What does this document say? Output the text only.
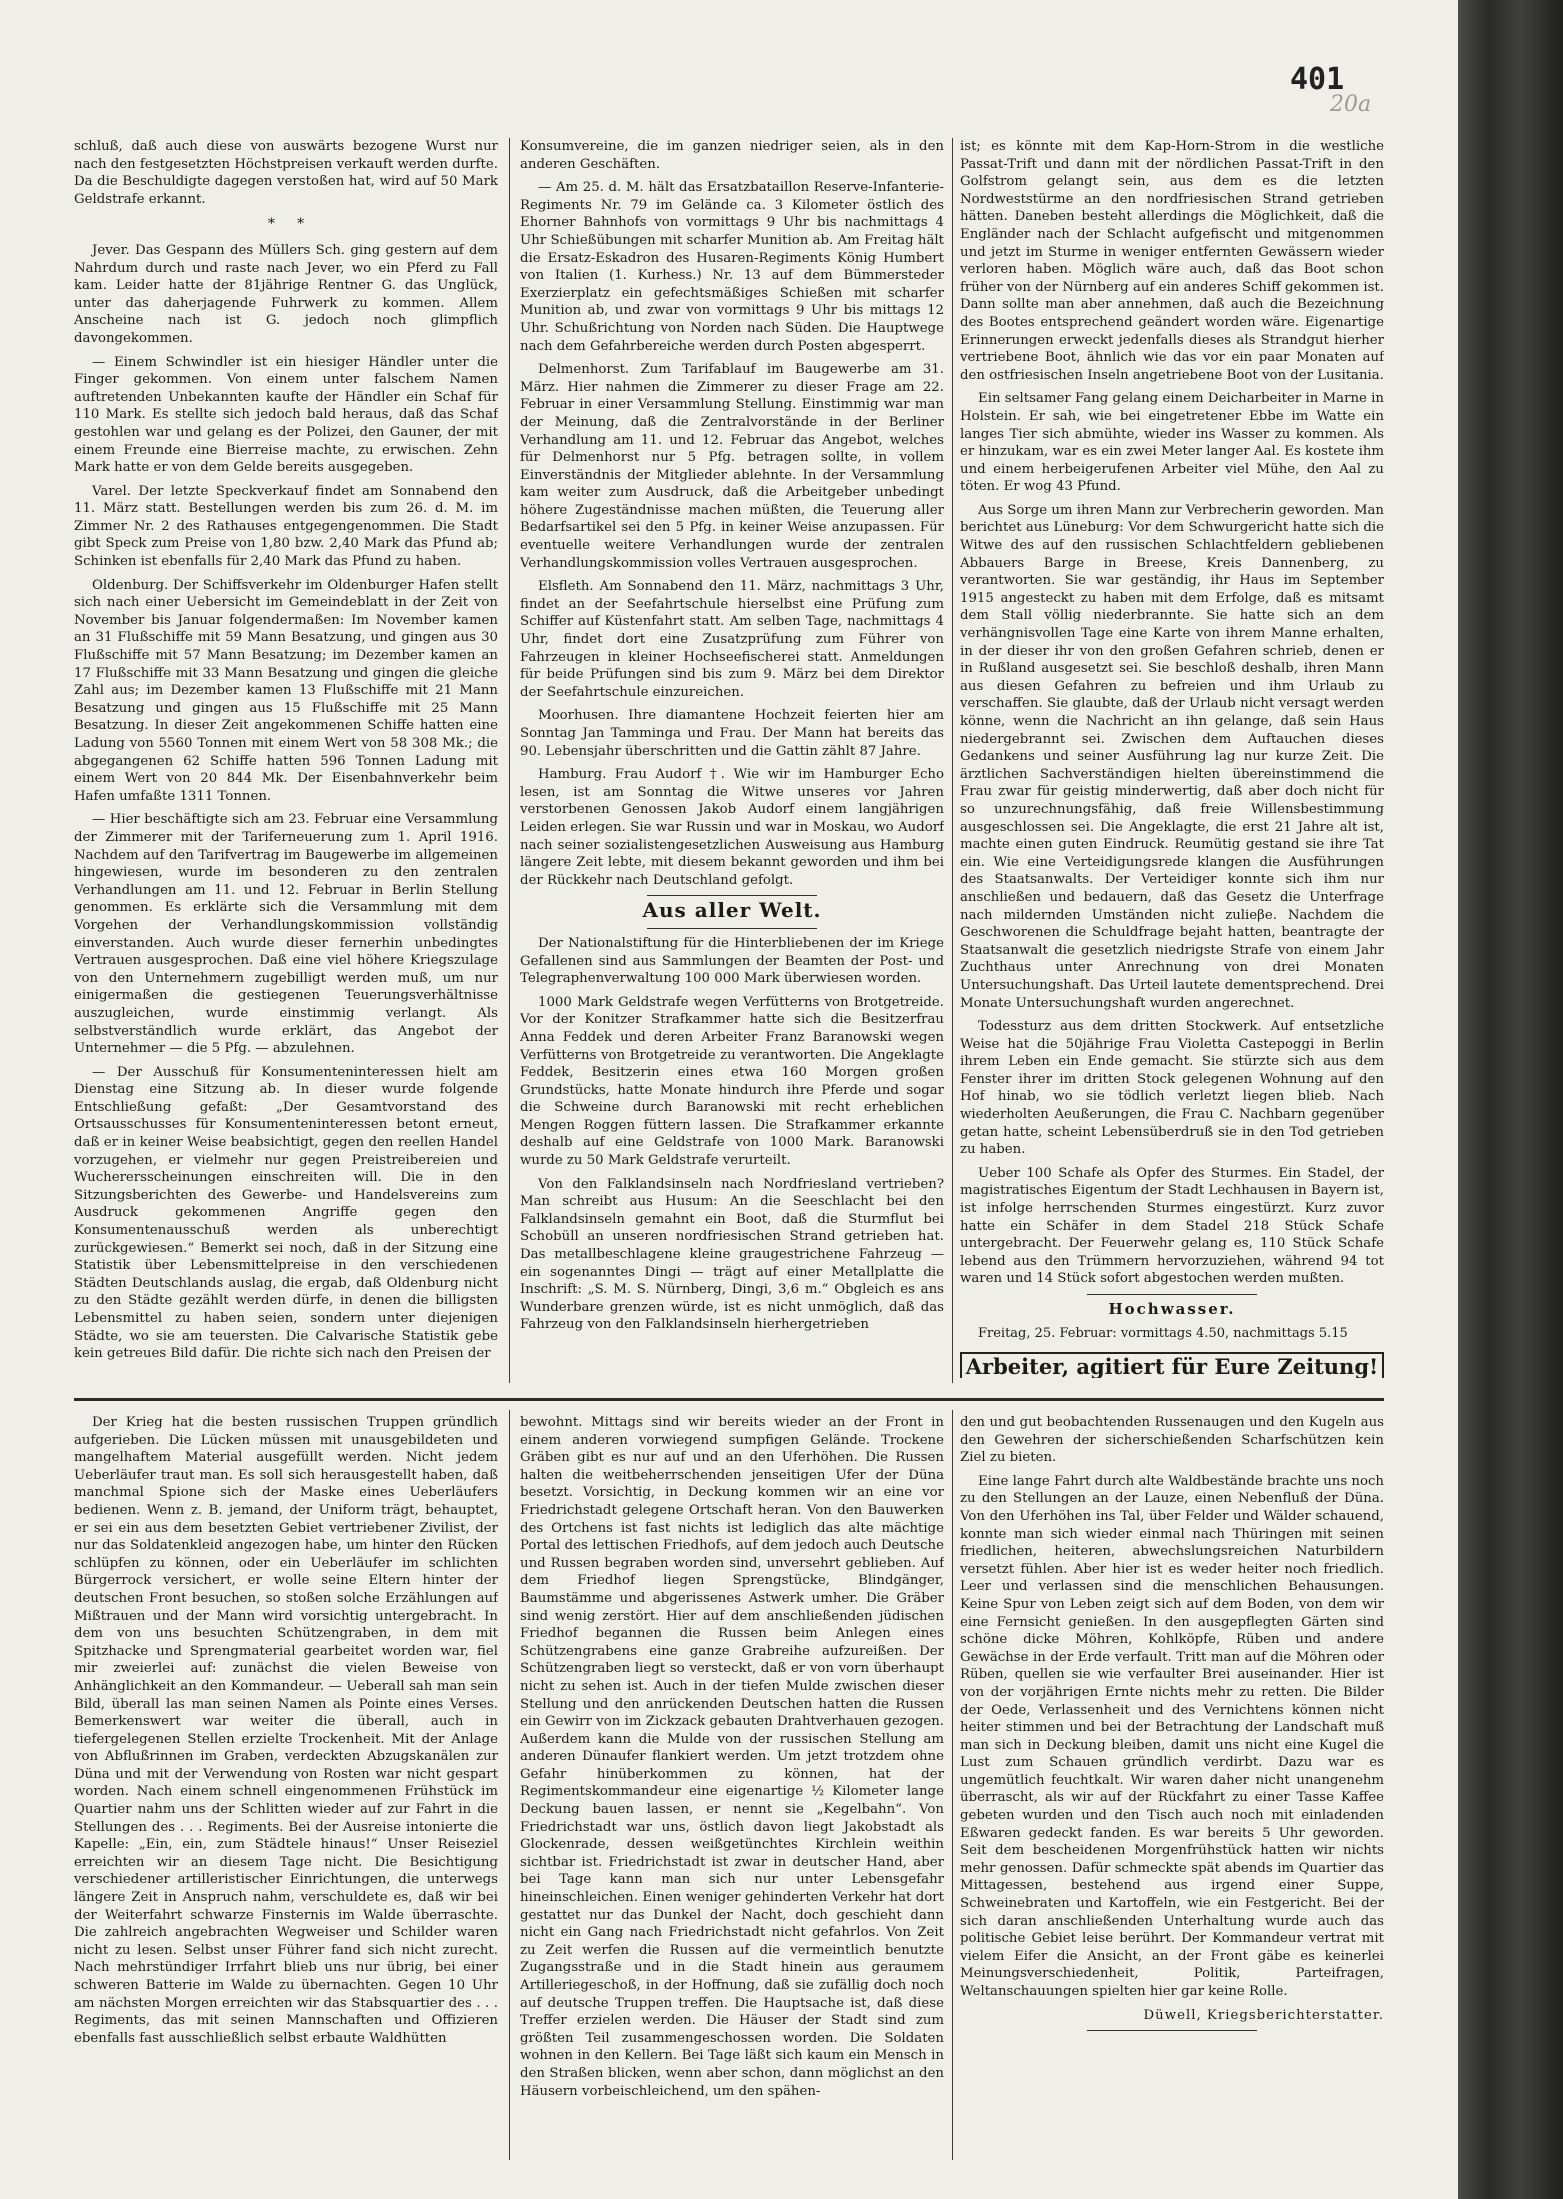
401
20a

schluß, daß auch diese von auswärts bezogene Wurst nur nach den festgesetzten Höchstpreisen verkauft werden durfte. Da die Beschuldigte dagegen verstoßen hat, wird auf 50 Mark Geldstrafe erkannt.

*     *

Jever. Das Gespann des Müllers Sch. ging gestern auf dem Nahrdum durch und raste nach Jever, wo ein Pferd zu Fall kam. Leider hatte der 81jährige Rentner G. das Unglück, unter das daherjagende Fuhrwerk zu kommen. Allem Anscheine nach ist G. jedoch noch glimpflich davongekommen.

— Einem Schwindler ist ein hiesiger Händler unter die Finger gekommen. Von einem unter falschem Namen auftretenden Unbekannten kaufte der Händler ein Schaf für 110 Mark. Es stellte sich jedoch bald heraus, daß das Schaf gestohlen war und gelang es der Polizei, den Gauner, der mit einem Freunde eine Bierreise machte, zu erwischen. Zehn Mark hatte er von dem Gelde bereits ausgegeben.

Varel. Der letzte Speckverkauf findet am Sonnabend den 11. März statt. Bestellungen werden bis zum 26. d. M. im Zimmer Nr. 2 des Rathauses entgegengenommen. Die Stadt gibt Speck zum Preise von 1,80 bzw. 2,40 Mark das Pfund ab; Schinken ist ebenfalls für 2,40 Mark das Pfund zu haben.

Oldenburg. Der Schiffsverkehr im Oldenburger Hafen stellt sich nach einer Uebersicht im Gemeindeblatt in der Zeit von November bis Januar folgendermaßen: Im November kamen an 31 Flußschiffe mit 59 Mann Besatzung, und gingen aus 30 Flußschiffe mit 57 Mann Besatzung; im Dezember kamen an 17 Flußschiffe mit 33 Mann Besatzung und gingen die gleiche Zahl aus; im Dezember kamen 13 Flußschiffe mit 21 Mann Besatzung und gingen aus 15 Flußschiffe mit 25 Mann Besatzung. In dieser Zeit angekommenen Schiffe hatten eine Ladung von 5560 Tonnen mit einem Wert von 58 308 Mk.; die abgegangenen 62 Schiffe hatten 596 Tonnen Ladung mit einem Wert von 20 844 Mk. Der Eisenbahnverkehr beim Hafen umfaßte 1311 Tonnen.

— Hier beschäftigte sich am 23. Februar eine Versammlung der Zimmerer mit der Tariferneuerung zum 1. April 1916. Nachdem auf den Tarifvertrag im Baugewerbe im allgemeinen hingewiesen, wurde im besonderen zu den zentralen Verhandlungen am 11. und 12. Februar in Berlin Stellung genommen. Es erklärte sich die Versammlung mit dem Vorgehen der Verhandlungskommission vollständig einverstanden. Auch wurde dieser fernerhin unbedingtes Vertrauen ausgesprochen. Daß eine viel höhere Kriegszulage von den Unternehmern zugebilligt werden muß, um nur einigermaßen die gestiegenen Teuerungsverhältnisse auszugleichen, wurde einstimmig verlangt. Als selbstverständlich wurde erklärt, das Angebot der Unternehmer — die 5 Pfg. — abzulehnen.

— Der Ausschuß für Konsumenteninteressen hielt am Dienstag eine Sitzung ab. In dieser wurde folgende Entschließung gefaßt: „Der Gesamtvorstand des Ortsausschusses für Konsumenteninteressen betont erneut, daß er in keiner Weise beabsichtigt, gegen den reellen Handel vorzugehen, er vielmehr nur gegen Preistreibereien und Wucherersscheinungen einschreiten will. Die in den Sitzungsberichten des Gewerbe- und Handelsvereins zum Ausdruck gekommenen Angriffe gegen den Konsumentenausschuß werden als unberechtigt zurückgewiesen.“ Bemerkt sei noch, daß in der Sitzung eine Statistik über Lebensmittelpreise in den verschiedenen Städten Deutschlands auslag, die ergab, daß Oldenburg nicht zu den Städte gezählt werden dürfe, in denen die billigsten Lebensmittel zu haben seien, sondern unter diejenigen Städte, wo sie am teuersten. Die Calvarische Statistik gebe kein getreues Bild dafür. Die richte sich nach den Preisen der

Konsumvereine, die im ganzen niedriger seien, als in den anderen Geschäften.

— Am 25. d. M. hält das Ersatzbataillon Reserve-Infanterie-Regiments Nr. 79 im Gelände ca. 3 Kilometer östlich des Ehorner Bahnhofs von vormittags 9 Uhr bis nachmittags 4 Uhr Schießübungen mit scharfer Munition ab. Am Freitag hält die Ersatz-Eskadron des Husaren-Regiments König Humbert von Italien (1. Kurhess.) Nr. 13 auf dem Bümmersteder Exerzierplatz ein gefechtsmäßiges Schießen mit scharfer Munition ab, und zwar von vormittags 9 Uhr bis mittags 12 Uhr. Schußrichtung von Norden nach Süden. Die Hauptwege nach dem Gefahrbereiche werden durch Posten abgesperrt.

Delmenhorst. Zum Tarifablauf im Baugewerbe am 31. März. Hier nahmen die Zimmerer zu dieser Frage am 22. Februar in einer Versammlung Stellung. Einstimmig war man der Meinung, daß die Zentralvorstände in der Berliner Verhandlung am 11. und 12. Februar das Angebot, welches für Delmenhorst nur 5 Pfg. betragen sollte, in vollem Einverständnis der Mitglieder ablehnte. In der Versammlung kam weiter zum Ausdruck, daß die Arbeitgeber unbedingt höhere Zugeständnisse machen müßten, die Teuerung aller Bedarfsartikel sei den 5 Pfg. in keiner Weise anzupassen. Für eventuelle weitere Verhandlungen wurde der zentralen Verhandlungskommission volles Vertrauen ausgesprochen.

Elsfleth. Am Sonnabend den 11. März, nachmittags 3 Uhr, findet an der Seefahrtschule hierselbst eine Prüfung zum Schiffer auf Küstenfahrt statt. Am selben Tage, nachmittags 4 Uhr, findet dort eine Zusatzprüfung zum Führer von Fahrzeugen in kleiner Hochseefischerei statt. Anmeldungen für beide Prüfungen sind bis zum 9. März bei dem Direktor der Seefahrtschule einzureichen.

Moorhusen. Ihre diamantene Hochzeit feierten hier am Sonntag Jan Tamminga und Frau. Der Mann hat bereits das 90. Lebensjahr überschritten und die Gattin zählt 87 Jahre.

Hamburg. Frau Audorf †. Wie wir im Hamburger Echo lesen, ist am Sonntag die Witwe unseres vor Jahren verstorbenen Genossen Jakob Audorf einem langjährigen Leiden erlegen. Sie war Russin und war in Moskau, wo Audorf nach seiner sozialistengesetzlichen Ausweisung aus Hamburg längere Zeit lebte, mit diesem bekannt geworden und ihm bei der Rückkehr nach Deutschland gefolgt.

Aus aller Welt.

Der Nationalstiftung für die Hinterbliebenen der im Kriege Gefallenen sind aus Sammlungen der Beamten der Post- und Telegraphenverwaltung 100 000 Mark überwiesen worden.

1000 Mark Geldstrafe wegen Verfütterns von Brotgetreide. Vor der Konitzer Strafkammer hatte sich die Besitzerfrau Anna Feddek und deren Arbeiter Franz Baranowski wegen Verfütterns von Brotgetreide zu verantworten. Die Angeklagte Feddek, Besitzerin eines etwa 160 Morgen großen Grundstücks, hatte Monate hindurch ihre Pferde und sogar die Schweine durch Baranowski mit recht erheblichen Mengen Roggen füttern lassen. Die Strafkammer erkannte deshalb auf eine Geldstrafe von 1000 Mark. Baranowski wurde zu 50 Mark Geldstrafe verurteilt.

Von den Falklandsinseln nach Nordfriesland vertrieben? Man schreibt aus Husum: An die Seeschlacht bei den Falklandsinseln gemahnt ein Boot, daß die Sturmflut bei Schobüll an unseren nordfriesischen Strand getrieben hat. Das metallbeschlagene kleine graugestrichene Fahrzeug — ein sogenanntes Dingi — trägt auf einer Metallplatte die Inschrift: „S. M. S. Nürnberg, Dingi, 3,6 m.“ Obgleich es ans Wunderbare grenzen würde, ist es nicht unmöglich, daß das Fahrzeug von den Falklandsinseln hierhergetrieben

ist; es könnte mit dem Kap-Horn-Strom in die westliche Passat-Trift und dann mit der nördlichen Passat-Trift in den Golfstrom gelangt sein, aus dem es die letzten Nordweststürme an den nordfriesischen Strand getrieben hätten. Daneben besteht allerdings die Möglichkeit, daß die Engländer nach der Schlacht aufgefischt und mitgenommen und jetzt im Sturme in weniger entfernten Gewässern wieder verloren haben. Möglich wäre auch, daß das Boot schon früher von der Nürnberg auf ein anderes Schiff gekommen ist. Dann sollte man aber annehmen, daß auch die Bezeichnung des Bootes entsprechend geändert worden wäre. Eigenartige Erinnerungen erweckt jedenfalls dieses als Strandgut hierher vertriebene Boot, ähnlich wie das vor ein paar Monaten auf den ostfriesischen Inseln angetriebene Boot von der Lusitania.

Ein seltsamer Fang gelang einem Deicharbeiter in Marne in Holstein. Er sah, wie bei eingetretener Ebbe im Watte ein langes Tier sich abmühte, wieder ins Wasser zu kommen. Als er hinzukam, war es ein zwei Meter langer Aal. Es kostete ihm und einem herbeigerufenen Arbeiter viel Mühe, den Aal zu töten. Er wog 43 Pfund.

Aus Sorge um ihren Mann zur Verbrecherin geworden. Man berichtet aus Lüneburg: Vor dem Schwurgericht hatte sich die Witwe des auf den russischen Schlachtfeldern gebliebenen Abbauers Barge in Breese, Kreis Dannenberg, zu verantworten. Sie war geständig, ihr Haus im September 1915 angesteckt zu haben mit dem Erfolge, daß es mitsamt dem Stall völlig niederbrannte. Sie hatte sich an dem verhängnisvollen Tage eine Karte von ihrem Manne erhalten, in der dieser ihr von den großen Gefahren schrieb, denen er in Rußland ausgesetzt sei. Sie beschloß deshalb, ihren Mann aus diesen Gefahren zu befreien und ihm Urlaub zu verschaffen. Sie glaubte, daß der Urlaub nicht versagt werden könne, wenn die Nachricht an ihn gelange, daß sein Haus niedergebrannt sei. Zwischen dem Auftauchen dieses Gedankens und seiner Ausführung lag nur kurze Zeit. Die ärztlichen Sachverständigen hielten übereinstimmend die Frau zwar für geistig minderwertig, daß aber doch nicht für so unzurechnungsfähig, daß freie Willensbestimmung ausgeschlossen sei. Die Angeklagte, die erst 21 Jahre alt ist, machte einen guten Eindruck. Reumütig gestand sie ihre Tat ein. Wie eine Verteidigungsrede klangen die Ausführungen des Staatsanwalts. Der Verteidiger konnte sich ihm nur anschließen und bedauern, daß das Gesetz die Unterfrage nach mildernden Umständen nicht zulieβe. Nachdem die Geschworenen die Schuldfrage bejaht hatten, beantragte der Staatsanwalt die gesetzlich niedrigste Strafe von einem Jahr Zuchthaus unter Anrechnung von drei Monaten Untersuchungshaft. Das Urteil lautete dementsprechend. Drei Monate Untersuchungshaft wurden angerechnet.

Todessturz aus dem dritten Stockwerk. Auf entsetzliche Weise hat die 50jährige Frau Violetta Castepoggi in Berlin ihrem Leben ein Ende gemacht. Sie stürzte sich aus dem Fenster ihrer im dritten Stock gelegenen Wohnung auf den Hof hinab, wo sie tödlich verletzt liegen blieb. Nach wiederholten Aeußerungen, die Frau C. Nachbarn gegenüber getan hatte, scheint Lebensüberdruß sie in den Tod getrieben zu haben.

Ueber 100 Schafe als Opfer des Sturmes. Ein Stadel, der magistratisches Eigentum der Stadt Lechhausen in Bayern ist, ist infolge herrschenden Sturmes eingestürzt. Kurz zuvor hatte ein Schäfer in dem Stadel 218 Stück Schafe untergebracht. Der Feuerwehr gelang es, 110 Stück Schafe lebend aus den Trümmern hervorzuziehen, während 94 tot waren und 14 Stück sofort abgestochen werden mußten.

Hochwasser.

Freitag, 25. Februar: vormittags 4.50, nachmittags 5.15

Arbeiter, agitiert für Eure Zeitung!

Der Krieg hat die besten russischen Truppen gründlich aufgerieben. Die Lücken müssen mit unausgebildeten und mangelhaftem Material ausgefüllt werden. Nicht jedem Ueberläufer traut man. Es soll sich herausgestellt haben, daß manchmal Spione sich der Maske eines Ueberläufers bedienen. Wenn z. B. jemand, der Uniform trägt, behauptet, er sei ein aus dem besetzten Gebiet vertriebener Zivilist, der nur das Soldatenkleid angezogen habe, um hinter den Rücken schlüpfen zu können, oder ein Ueberläufer im schlichten Bürgerrock versichert, er wolle seine Eltern hinter der deutschen Front besuchen, so stoßen solche Erzählungen auf Mißtrauen und der Mann wird vorsichtig untergebracht. In dem von uns besuchten Schützengraben, in dem mit Spitzhacke und Sprengmaterial gearbeitet worden war, fiel mir zweierlei auf: zunächst die vielen Beweise von Anhänglichkeit an den Kommandeur. — Ueberall sah man sein Bild, überall las man seinen Namen als Pointe eines Verses. Bemerkenswert war weiter die überall, auch in tiefergelegenen Stellen erzielte Trockenheit. Mit der Anlage von Abflußrinnen im Graben, verdeckten Abzugskanälen zur Düna und mit der Verwendung von Rosten war nicht gespart worden. Nach einem schnell eingenommenen Frühstück im Quartier nahm uns der Schlitten wieder auf zur Fahrt in die Stellungen des . . . Regiments. Bei der Ausreise intonierte die Kapelle: „Ein, ein, zum Städtele hinaus!“ Unser Reiseziel erreichten wir an diesem Tage nicht. Die Besichtigung verschiedener artilleristischer Einrichtungen, die unterwegs längere Zeit in Anspruch nahm, verschuldete es, daß wir bei der Weiterfahrt schwarze Finsternis im Walde überraschte. Die zahlreich angebrachten Wegweiser und Schilder waren nicht zu lesen. Selbst unser Führer fand sich nicht zurecht. Nach mehrstündiger Irrfahrt blieb uns nur übrig, bei einer schweren Batterie im Walde zu übernachten. Gegen 10 Uhr am nächsten Morgen erreichten wir das Stabsquartier des . . . Regiments, das mit seinen Mannschaften und Offizieren ebenfalls fast ausschließlich selbst erbaute Waldhütten

bewohnt. Mittags sind wir bereits wieder an der Front in einem anderen vorwiegend sumpfigen Gelände. Trockene Gräben gibt es nur auf und an den Uferhöhen. Die Russen halten die weitbeherrschenden jenseitigen Ufer der Düna besetzt. Vorsichtig, in Deckung kommen wir an eine vor Friedrichstadt gelegene Ortschaft heran. Von den Bauwerken des Ortchens ist fast nichts ist lediglich das alte mächtige Portal des lettischen Friedhofs, auf dem jedoch auch Deutsche und Russen begraben worden sind, unversehrt geblieben. Auf dem Friedhof liegen Sprengstücke, Blindgänger, Baumstämme und abgerissenes Astwerk umher. Die Gräber sind wenig zerstört. Hier auf dem anschließenden jüdischen Friedhof begannen die Russen beim Anlegen eines Schützengrabens eine ganze Grabreihe aufzureißen. Der Schützengraben liegt so versteckt, daß er von vorn überhaupt nicht zu sehen ist. Auch in der tiefen Mulde zwischen dieser Stellung und den anrückenden Deutschen hatten die Russen ein Gewirr von im Zickzack gebauten Drahtverhauen gezogen. Außerdem kann die Mulde von der russischen Stellung am anderen Dünaufer flankiert werden. Um jetzt trotzdem ohne Gefahr hinüberkommen zu können, hat der Regimentskommandeur eine eigenartige ½ Kilometer lange Deckung bauen lassen, er nennt sie „Kegelbahn“. Von Friedrichstadt war uns, östlich davon liegt Jakobstadt als Glockenrade, dessen weißgetünchtes Kirchlein weithin sichtbar ist. Friedrichstadt ist zwar in deutscher Hand, aber bei Tage kann man sich nur unter Lebensgefahr hineinschleichen. Einen weniger gehinderten Verkehr hat dort gestattet nur das Dunkel der Nacht, doch geschieht dann nicht ein Gang nach Friedrichstadt nicht gefahrlos. Von Zeit zu Zeit werfen die Russen auf die vermeintlich benutzte Zugangsstraße und in die Stadt hinein aus geraumem Artilleriegeschoß, in der Hoffnung, daß sie zufällig doch noch auf deutsche Truppen treffen. Die Hauptsache ist, daß diese Treffer erzielen werden. Die Häuser der Stadt sind zum größten Teil zusammengeschossen worden. Die Soldaten wohnen in den Kellern. Bei Tage läßt sich kaum ein Mensch in den Straßen blicken, wenn aber schon, dann möglichst an den Häusern vorbeischleichend, um den spähen-

den und gut beobachtenden Russenaugen und den Kugeln aus den Gewehren der sicherschießenden Scharfschützen kein Ziel zu bieten.

Eine lange Fahrt durch alte Waldbestände brachte uns noch zu den Stellungen an der Lauze, einen Nebenfluß der Düna. Von den Uferhöhen ins Tal, über Felder und Wälder schauend, konnte man sich wieder einmal nach Thüringen mit seinen friedlichen, heiteren, abwechslungsreichen Naturbildern versetzt fühlen. Aber hier ist es weder heiter noch friedlich. Leer und verlassen sind die menschlichen Behausungen. Keine Spur von Leben zeigt sich auf dem Boden, von dem wir eine Fernsicht genießen. In den ausgepflegten Gärten sind schöne dicke Möhren, Kohlköpfe, Rüben und andere Gewächse in der Erde verfault. Tritt man auf die Möhren oder Rüben, quellen sie wie verfaulter Brei auseinander. Hier ist von der vorjährigen Ernte nichts mehr zu retten. Die Bilder der Oede, Verlassenheit und des Vernichtens können nicht heiter stimmen und bei der Betrachtung der Landschaft muß man sich in Deckung bleiben, damit uns nicht eine Kugel die Lust zum Schauen gründlich verdirbt. Dazu war es ungemütlich feuchtkalt. Wir waren daher nicht unangenehm überrascht, als wir auf der Rückfahrt zu einer Tasse Kaffee gebeten wurden und den Tisch auch noch mit einladenden Eßwaren gedeckt fanden. Es war bereits 5 Uhr geworden. Seit dem bescheidenen Morgenfrühstück hatten wir nichts mehr genossen. Dafür schmeckte spät abends im Quartier das Mittagessen, bestehend aus irgend einer Suppe, Schweinebraten und Kartoffeln, wie ein Festgericht. Bei der sich daran anschließenden Unterhaltung wurde auch das politische Gebiet leise berührt. Der Kommandeur vertrat mit vielem Eifer die Ansicht, an der Front gäbe es keinerlei Meinungsverschiedenheit, Politik, Parteifragen, Weltanschauungen spielten hier gar keine Rolle.

Düwell, Kriegsberichterstatter.
